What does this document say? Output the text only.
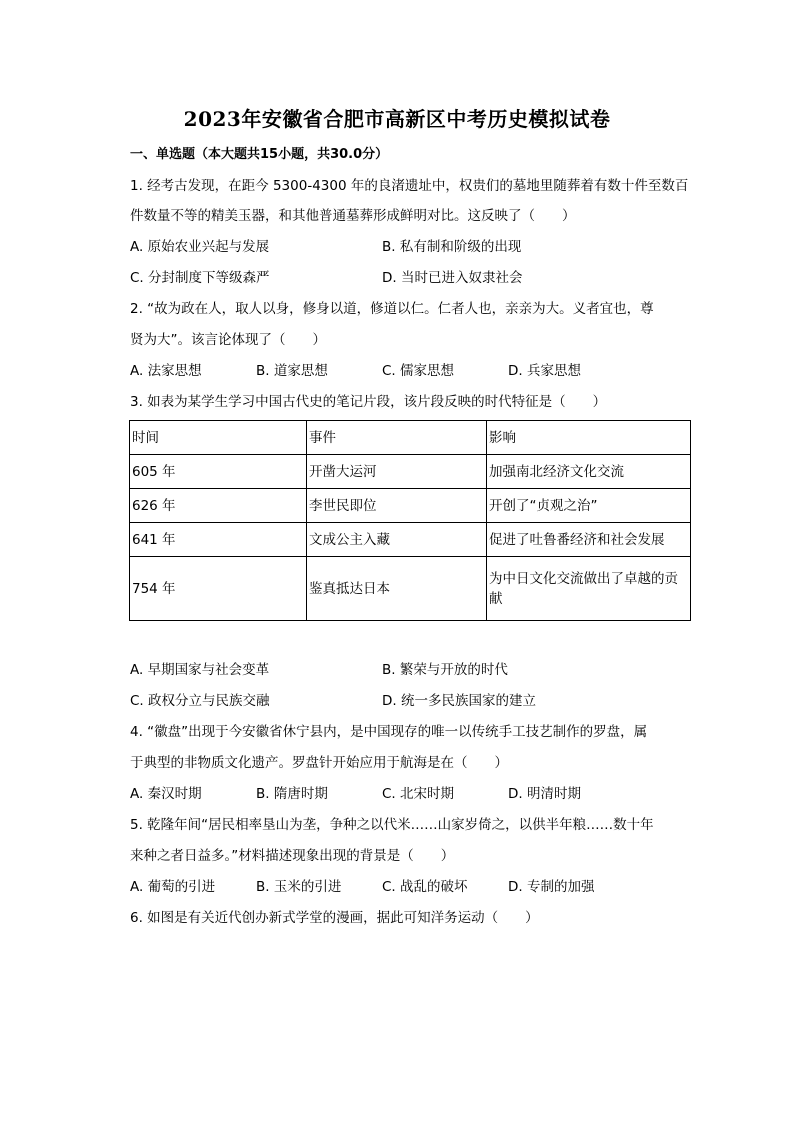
2023年安徽省合肥市高新区中考历史模拟试卷
一、单选题（本大题共15小题，共30.0分）
1. 经考古发现，在距今 5300-4300 年的良渚遗址中，权贵们的墓地里随葬着有数十件至数百
件数量不等的精美玉器，和其他普通墓葬形成鲜明对比。这反映了（　　）
A. 原始农业兴起与发展	B. 私有制和阶级的出现
C. 分封制度下等级森严	D. 当时已进入奴隶社会
2. “故为政在人，取人以身，修身以道，修道以仁。仁者人也，亲亲为大。义者宜也，尊
贤为大”。该言论体现了（　　）
A. 法家思想	B. 道家思想	C. 儒家思想	D. 兵家思想
3. 如表为某学生学习中国古代史的笔记片段，该片段反映的时代特征是（　　）
时间	事件	影响
605 年	开凿大运河	加强南北经济文化交流
626 年	李世民即位	开创了“贞观之治”
641 年	文成公主入藏	促进了吐鲁番经济和社会发展
754 年	鉴真抵达日本	为中日文化交流做出了卓越的贡献
A. 早期国家与社会变革	B. 繁荣与开放的时代
C. 政权分立与民族交融	D. 统一多民族国家的建立
4. “徽盘”出现于今安徽省休宁县内，是中国现存的唯一以传统手工技艺制作的罗盘，属
于典型的非物质文化遗产。罗盘针开始应用于航海是在（　　）
A. 秦汉时期	B. 隋唐时期	C. 北宋时期	D. 明清时期
5. 乾隆年间“居民相率垦山为垄，争种之以代米……山家岁倚之，以供半年粮……数十年
来种之者日益多。”材料描述现象出现的背景是（　　）
A. 葡萄的引进	B. 玉米的引进	C. 战乱的破坏	D. 专制的加强
6. 如图是有关近代创办新式学堂的漫画，据此可知洋务运动（　　）
